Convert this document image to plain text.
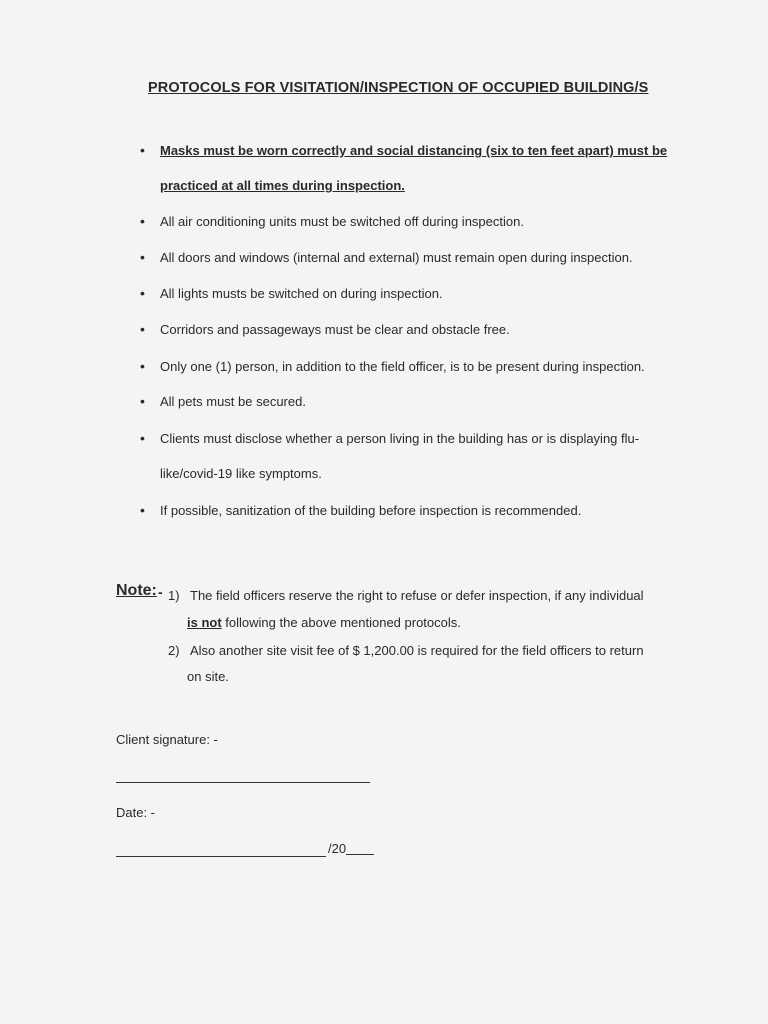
PROTOCOLS FOR VISITATION/INSPECTION OF OCCUPIED BUILDING/S
• Masks must be worn correctly and social distancing (six to ten feet apart) must be practiced at all times during inspection.
• All air conditioning units must be switched off during inspection.
• All doors and windows (internal and external) must remain open during inspection.
• All lights musts be switched on during inspection.
• Corridors and passageways must be clear and obstacle free.
• Only one (1) person, in addition to the field officer, is to be present during inspection.
• All pets must be secured.
• Clients must disclose whether a person living in the building has or is displaying flu-like/covid-19 like symptoms.
• If possible, sanitization of the building before inspection is recommended.
Note: - 1) The field officers reserve the right to refuse or defer inspection, if any individual
is not following the above mentioned protocols.
2) Also another site visit fee of $ 1,200.00 is required for the field officers to return
on site.
Client signature: -
Date: -
/20
